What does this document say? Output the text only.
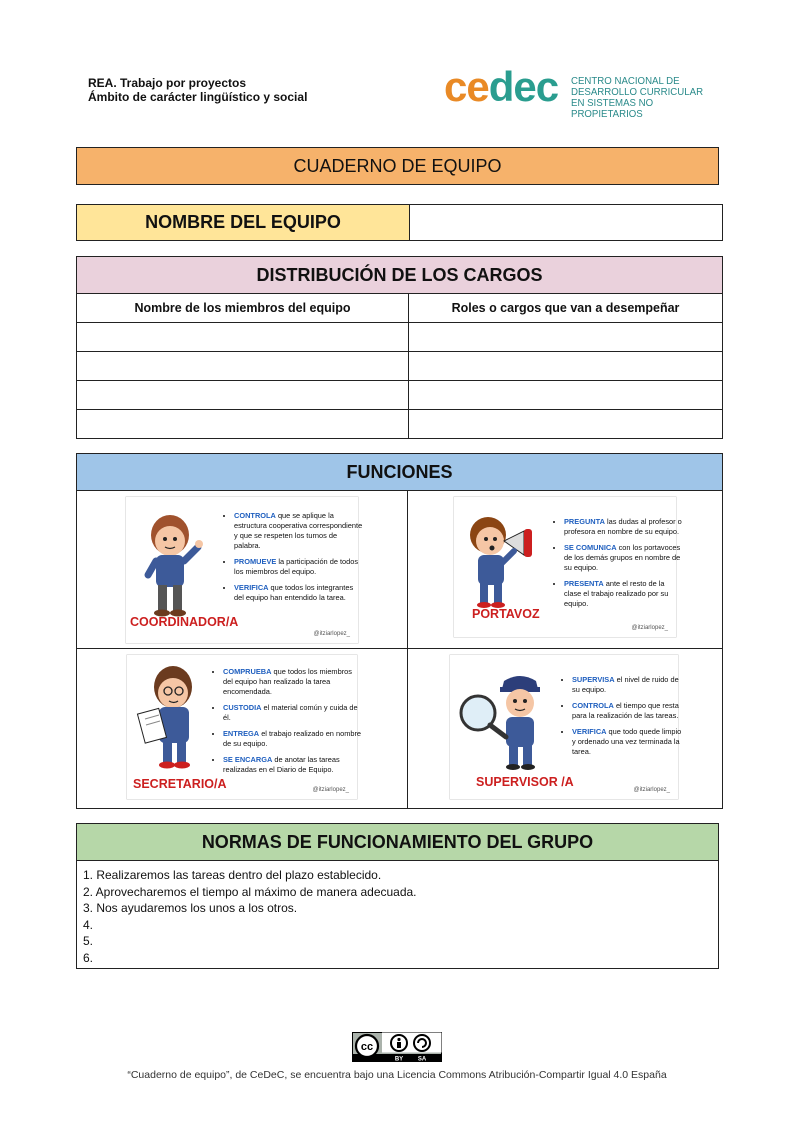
REA. Trabajo por proyectos
Ámbito de carácter lingüístico y social	cedec CENTRO NACIONAL DE
DESARROLLO CURRICULAR
EN SISTEMAS NO PROPIETARIOS
CUADERNO DE EQUIPO
NOMBRE DEL EQUIPO
DISTRIBUCIÓN DE LOS CARGOS
Nombre de los miembros del equipo	Roles o cargos que van a desempeñar

FUNCIONES
• CONTROLA que se aplique la estructura cooperativa correspondiente y que se respeten los turnos de palabra.
• PROMUEVE la participación de todos los miembros del equipo.
• VERIFICA que todos los integrantes del equipo han entendido la tarea.
COORDINADOR/A
@itziarlopez_
• PREGUNTA las dudas al profesor o profesora en nombre de su equipo.
• SE COMUNICA con los portavoces de los demás grupos en nombre de su equipo.
• PRESENTA ante el resto de la clase el trabajo realizado por su equipo.
PORTAVOZ
@itziarlopez_
• COMPRUEBA que todos los miembros del equipo han realizado la tarea encomendada.
• CUSTODIA el material común y cuida de él.
• ENTREGA el trabajo realizado en nombre de su equipo.
• SE ENCARGA de anotar las tareas realizadas en el Diario de Equipo.
SECRETARIO/A	@itziarlopez_
• SUPERVISA el nivel de ruido de su equipo.
• CONTROLA el tiempo que resta para la realización de las tareas.
• VERIFICA que todo quede limpio y ordenado una vez terminada la tarea.
SUPERVISOR /A
@itziarlopez_
NORMAS DE FUNCIONAMIENTO DEL GRUPO
1. Realizaremos las tareas dentro del plazo establecido.
2. Aprovecharemos el tiempo al máximo de manera adecuada.
3. Nos ayudaremos los unos a los otros.
4.
5.
6.
cc
BY SA
“Cuaderno de equipo”, de CeDeC, se encuentra bajo una Licencia Commons Atribución-Compartir Igual 4.0 España
